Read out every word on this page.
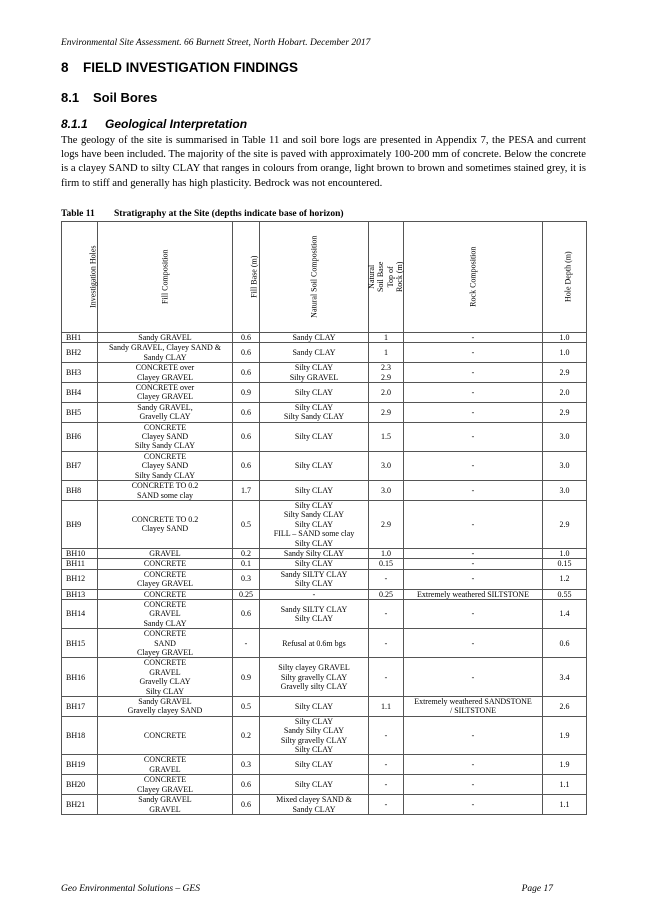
Environmental Site Assessment. 66 Burnett Street, North Hobart. December 2017
8 FIELD INVESTIGATION FINDINGS
8.1 Soil Bores
8.1.1 Geological Interpretation

The geology of the site is summarised in Table 11 and soil bore logs are presented in Appendix 7, the PESA and current logs have been included. The majority of the site is paved with approximately 100-200 mm of concrete. Below the concrete is a clayey SAND to silty CLAY that ranges in colours from orange, light brown to brown and sometimes stained grey, it is firm to stiff and generally has high plasticity. Bedrock was not encountered.

Table 11 Stratigraphy at the Site (depths indicate base of horizon)
Investigation Holes	Fill Composition	Fill Base (m)	Natural Soil Composition	Natural Soil Base
Top of Rock (m)	Rock Composition	Hole Depth (m)
BH1	Sandy GRAVEL	0.6	Sandy CLAY	1	-	1.0
BH2	Sandy GRAVEL, Clayey SAND &
Sandy CLAY	0.6	Sandy CLAY	1	-	1.0
BH3	CONCRETE over
Clayey GRAVEL	0.6	Silty CLAY
Silty GRAVEL	2.3
2.9	-	2.9
BH4	CONCRETE over
Clayey GRAVEL	0.9	Silty CLAY	2.0	-	2.0
BH5	Sandy GRAVEL,
Gravelly CLAY	0.6	Silty CLAY
Silty Sandy CLAY	2.9	-	2.9
BH6	CONCRETE
Clayey SAND
Silty Sandy CLAY	0.6	Silty CLAY	1.5	-	3.0
BH7	CONCRETE
Clayey SAND
Silty Sandy CLAY	0.6	Silty CLAY	3.0	-	3.0
BH8	CONCRETE TO 0.2
SAND some clay	1.7	Silty CLAY	3.0	-	3.0
BH9	CONCRETE TO 0.2
Clayey SAND	0.5	Silty CLAY
Silty Sandy CLAY
Silty CLAY
FILL – SAND some clay
Silty CLAY	2.9	-	2.9
BH10	GRAVEL	0.2	Sandy Silty CLAY	1.0	-	1.0
BH11	CONCRETE	0.1	Silty CLAY	0.15	-	0.15
BH12	CONCRETE
Clayey GRAVEL	0.3	Sandy SILTY CLAY
Silty CLAY	-	-	1.2
BH13	CONCRETE	0.25	-	0.25	Extremely weathered SILTSTONE	0.55
BH14	CONCRETE
GRAVEL
Sandy CLAY	0.6	Sandy SILTY CLAY
Silty CLAY	-	-	1.4
BH15	CONCRETE
SAND
Clayey GRAVEL	-	Refusal at 0.6m bgs	-	-	0.6
BH16	CONCRETE
GRAVEL
Gravelly CLAY
Silty CLAY	0.9	Silty clayey GRAVEL
Silty gravelly CLAY
Gravelly silty CLAY	-	-	3.4
BH17	Sandy GRAVEL
Gravelly clayey SAND	0.5	Silty CLAY	1.1	Extremely weathered SANDSTONE
/ SILTSTONE	2.6
BH18	CONCRETE	0.2	Silty CLAY
Sandy Silty CLAY
Silty gravelly CLAY
Silty CLAY	-	-	1.9
BH19	CONCRETE
GRAVEL	0.3	Silty CLAY	-	-	1.9
BH20	CONCRETE
Clayey GRAVEL	0.6	Silty CLAY	-	-	1.1
BH21	Sandy GRAVEL
GRAVEL	0.6	Mixed clayey SAND &
Sandy CLAY	-	-	1.1
Geo Environmental Solutions – GES	Page 17
